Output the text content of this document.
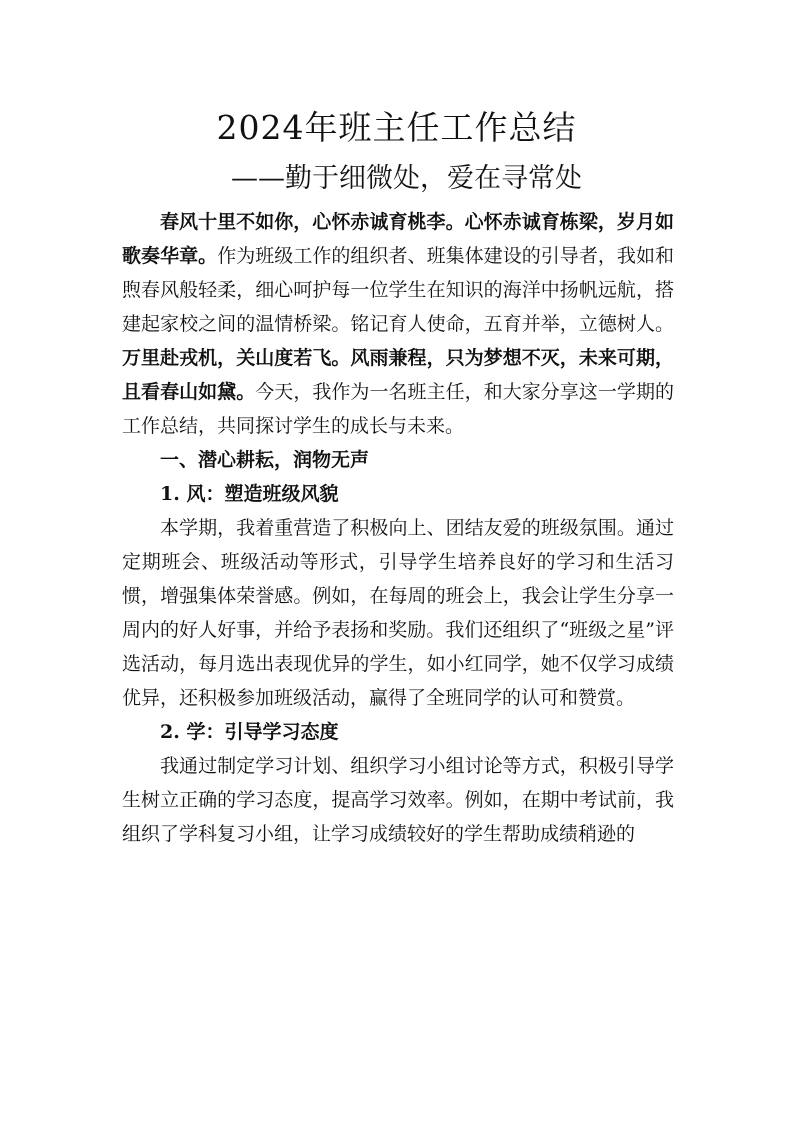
2024年班主任工作总结
——勤于细微处，爱在寻常处

春风十里不如你，心怀赤诚育桃李。心怀赤诚育栋梁，岁月如歌奏华章。作为班级工作的组织者、班集体建设的引导者，我如和煦春风般轻柔，细心呵护每一位学生在知识的海洋中扬帆远航，搭建起家校之间的温情桥梁。铭记育人使命，五育并举，立德树人。万里赴戎机，关山度若飞。风雨兼程，只为梦想不灭，未来可期，且看春山如黛。今天，我作为一名班主任，和大家分享这一学期的工作总结，共同探讨学生的成长与未来。

一、潜心耕耘，润物无声

1. 风：塑造班级风貌

本学期，我着重营造了积极向上、团结友爱的班级氛围。通过定期班会、班级活动等形式，引导学生培养良好的学习和生活习惯，增强集体荣誉感。例如，在每周的班会上，我会让学生分享一周内的好人好事，并给予表扬和奖励。我们还组织了“班级之星”评选活动，每月选出表现优异的学生，如小红同学，她不仅学习成绩优异，还积极参加班级活动，赢得了全班同学的认可和赞赏。

2. 学：引导学习态度

我通过制定学习计划、组织学习小组讨论等方式，积极引导学生树立正确的学习态度，提高学习效率。例如，在期中考试前，我组织了学科复习小组，让学习成绩较好的学生帮助成绩稍逊的
